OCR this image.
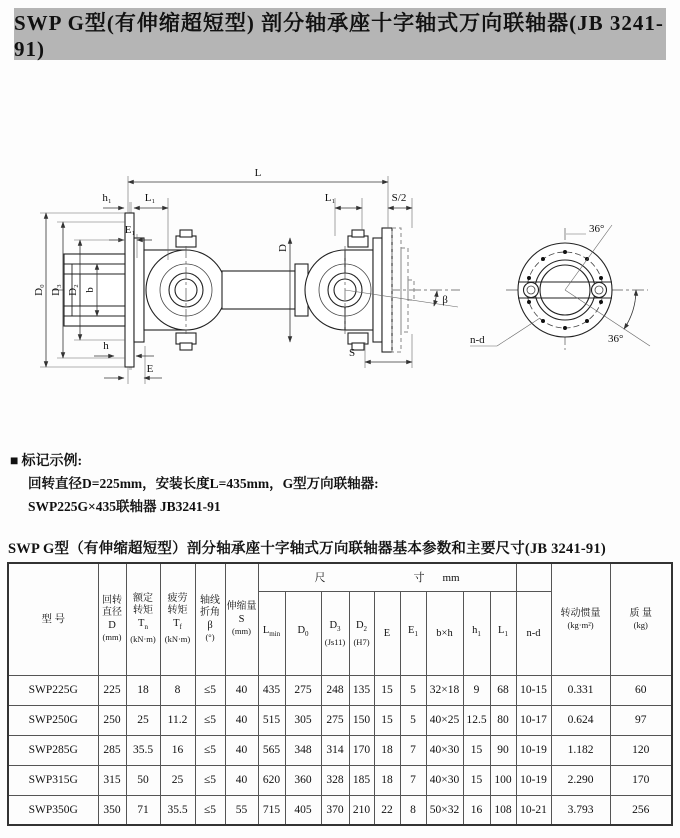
SWP G型(有伸缩超短型) 剖分轴承座十字轴式万向联轴器(JB 3241-91)
L
h₁	L₁
E₁
D
L₁	S/2
D₀ D₃ D₂ b
h
E
S
β
36°
36°
n-d
■ 标记示例:
回转直径D=225mm，安装长度L=435mm，G型万向联轴器:
SWP225G×435联轴器 JB3241-91
SWP G型（有伸缩超短型）剖分轴承座十字轴式万向联轴器基本参数和主要尺寸(JB 3241-91)
型 号	回转
直径
D
(mm)	额定
转矩
$T_n$
(kN·m)	疲劳
转矩
$T_f$
(kN·m)	轴线
折角
β
(°)	伸缩量
S
(mm)	尺 寸 mm										转动惯量
(kg·m²)	质 量
(kg)

						$L_{min}$	$D_0$	$D_3$
(Js11)	$D_2$
(H7)	E	$E_1$	b×h	$h_1$	$L_1$	n-d		

SWP225G	225	18	8	≤5	40	435	275	248	135	15	5	32×18	9	68	10-15	0.331	60
SWP250G	250	25	11.2	≤5	40	515	305	275	150	15	5	40×25	12.5	80	10-17	0.624	97
SWP285G	285	35.5	16	≤5	40	565	348	314	170	18	7	40×30	15	90	10-19	1.182	120
SWP315G	315	50	25	≤5	40	620	360	328	185	18	7	40×30	15	100	10-19	2.290	170
SWP350G	350	71	35.5	≤5	55	715	405	370	210	22	8	50×32	16	108	10-21	3.793	256
